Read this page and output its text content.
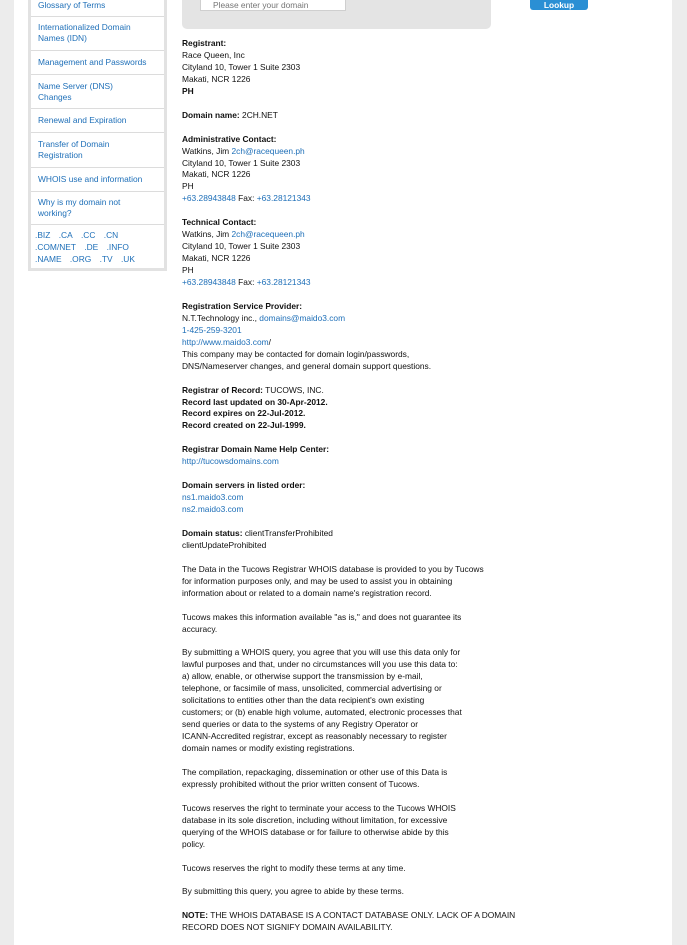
Glossary of Terms
Internationalized Domain
Names (IDN)
Management and Passwords
Name Server (DNS)
Changes
Renewal and Expiration
Transfer of Domain
Registration
WHOIS use and information
Why is my domain not
working?
.BIZ .CA .CC .CN
.COM/NET .DE .INFO
.NAME .ORG .TV .UK
Please enter your domain
Lookup
Registrant:
Race Queen, Inc
Cityland 10, Tower 1 Suite 2303
Makati, NCR 1226
PH
Domain name: 2CH.NET
Administrative Contact:
Watkins, Jim 2ch@racequeen.ph
Cityland 10, Tower 1 Suite 2303
Makati, NCR 1226
PH
+63.28943848 Fax: +63.28121343
Technical Contact:
Watkins, Jim 2ch@racequeen.ph
Cityland 10, Tower 1 Suite 2303
Makati, NCR 1226
PH
+63.28943848 Fax: +63.28121343
Registration Service Provider:
N.T.Technology inc., domains@maido3.com
1-425-259-3201
http://www.maido3.com/
This company may be contacted for domain login/passwords,
DNS/Nameserver changes, and general domain support questions.
Registrar of Record: TUCOWS, INC.
Record last updated on 30-Apr-2012.
Record expires on 22-Jul-2012.
Record created on 22-Jul-1999.
Registrar Domain Name Help Center:
http://tucowsdomains.com
Domain servers in listed order:
ns1.maido3.com
ns2.maido3.com
Domain status: clientTransferProhibited
clientUpdateProhibited
The Data in the Tucows Registrar WHOIS database is provided to you by Tucows
for information purposes only, and may be used to assist you in obtaining
information about or related to a domain name's registration record.
Tucows makes this information available "as is," and does not guarantee its
accuracy.
By submitting a WHOIS query, you agree that you will use this data only for
lawful purposes and that, under no circumstances will you use this data to:
a) allow, enable, or otherwise support the transmission by e-mail,
telephone, or facsimile of mass, unsolicited, commercial advertising or
solicitations to entities other than the data recipient's own existing
customers; or (b) enable high volume, automated, electronic processes that
send queries or data to the systems of any Registry Operator or
ICANN-Accredited registrar, except as reasonably necessary to register
domain names or modify existing registrations.
The compilation, repackaging, dissemination or other use of this Data is
expressly prohibited without the prior written consent of Tucows.
Tucows reserves the right to terminate your access to the Tucows WHOIS
database in its sole discretion, including without limitation, for excessive
querying of the WHOIS database or for failure to otherwise abide by this
policy.
Tucows reserves the right to modify these terms at any time.
By submitting this query, you agree to abide by these terms.
NOTE: THE WHOIS DATABASE IS A CONTACT DATABASE ONLY. LACK OF A DOMAIN
RECORD DOES NOT SIGNIFY DOMAIN AVAILABILITY.
